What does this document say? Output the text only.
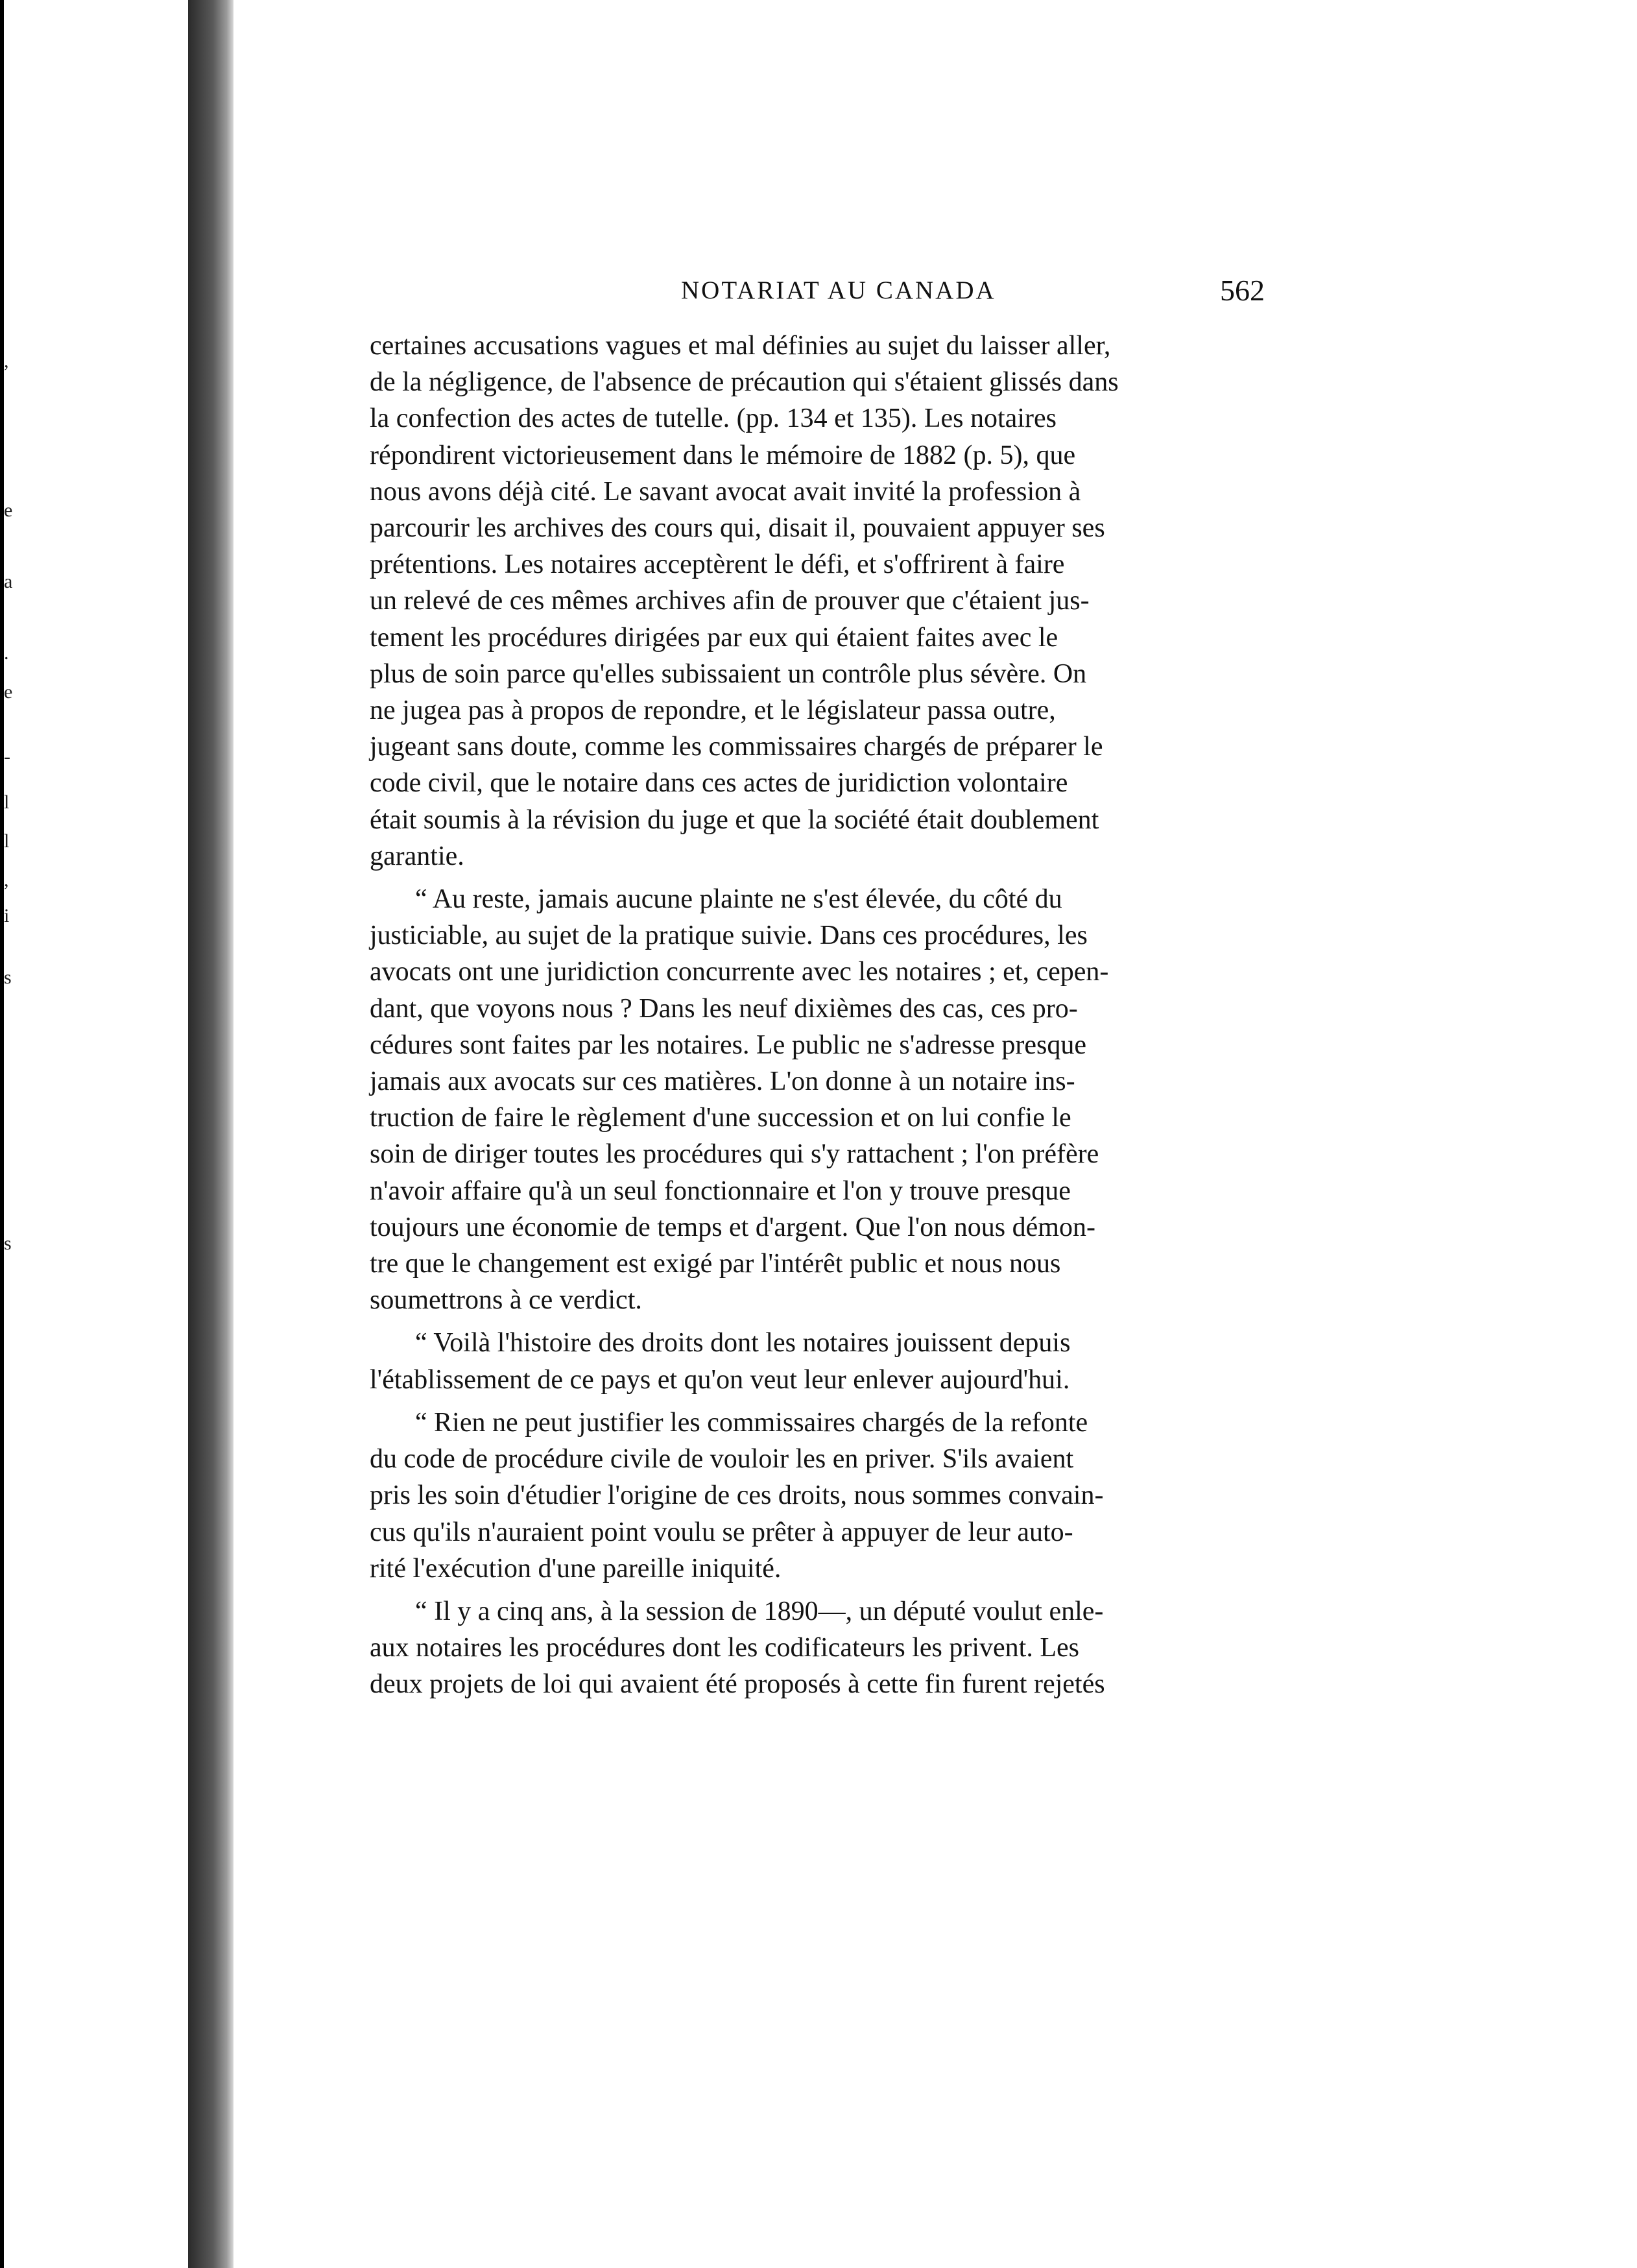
,
e
a
.
e
-
l
l
,
i
s
s
NOTARIAT AU CANADA	562

certaines accusations vagues et mal définies au sujet du laisser aller,
de la négligence, de l'absence de précaution qui s'étaient glissés dans
la confection des actes de tutelle. (pp. 134 et 135). Les notaires
répondirent victorieusement dans le mémoire de 1882 (p. 5), que
nous avons déjà cité. Le savant avocat avait invité la profession à
parcourir les archives des cours qui, disait il, pouvaient appuyer ses
prétentions. Les notaires acceptèrent le défi, et s'offrirent à faire
un relevé de ces mêmes archives afin de prouver que c'étaient jus-
tement les procédures dirigées par eux qui étaient faites avec le
plus de soin parce qu'elles subissaient un contrôle plus sévère. On
ne jugea pas à propos de repondre, et le législateur passa outre,
jugeant sans doute, comme les commissaires chargés de préparer le
code civil, que le notaire dans ces actes de juridiction volontaire
était soumis à la révision du juge et que la société était doublement
garantie.

“ Au reste, jamais aucune plainte ne s'est élevée, du côté du
justiciable, au sujet de la pratique suivie. Dans ces procédures, les
avocats ont une juridiction concurrente avec les notaires ; et, cepen-
dant, que voyons nous ? Dans les neuf dixièmes des cas, ces pro-
cédures sont faites par les notaires. Le public ne s'adresse presque
jamais aux avocats sur ces matières. L'on donne à un notaire ins-
truction de faire le règlement d'une succession et on lui confie le
soin de diriger toutes les procédures qui s'y rattachent ; l'on préfère
n'avoir affaire qu'à un seul fonctionnaire et l'on y trouve presque
toujours une économie de temps et d'argent. Que l'on nous démon-
tre que le changement est exigé par l'intérêt public et nous nous
soumettrons à ce verdict.

“ Voilà l'histoire des droits dont les notaires jouissent depuis
l'établissement de ce pays et qu'on veut leur enlever aujourd'hui.

“ Rien ne peut justifier les commissaires chargés de la refonte
du code de procédure civile de vouloir les en priver. S'ils avaient
pris les soin d'étudier l'origine de ces droits, nous sommes convain-
cus qu'ils n'auraient point voulu se prêter à appuyer de leur auto-
rité l'exécution d'une pareille iniquité.

“ Il y a cinq ans, à la session de 1890—, un député voulut enle-
aux notaires les procédures dont les codificateurs les privent. Les
deux projets de loi qui avaient été proposés à cette fin furent rejetés
